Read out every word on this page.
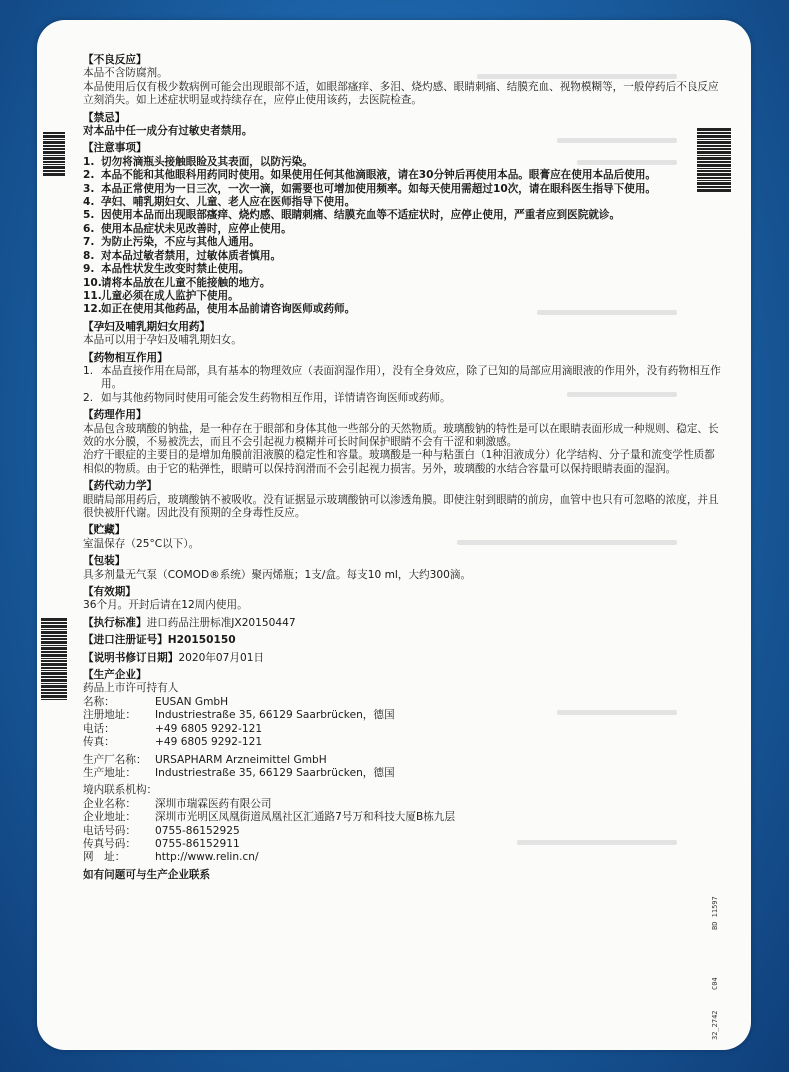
BD 11597
C04
32_2742
【不良反应】

本品不含防腐剂。

本品使用后仅有极少数病例可能会出现眼部不适，如眼部瘙痒、多泪、烧灼感、眼睛刺痛、结膜充血、视物模糊等，一般停药后不良反应立刻消失。如上述症状明显或持续存在，应停止使用该药，去医院检查。

【禁忌】

对本品中任一成分有过敏史者禁用。

【注意事项】
1. 切勿将滴瓶头接触眼睑及其表面，以防污染。
2. 本品不能和其他眼科用药同时使用。如果使用任何其他滴眼液，请在30分钟后再使用本品。眼膏应在使用本品后使用。
3. 本品正常使用为一日三次，一次一滴，如需要也可增加使用频率。如每天使用需超过10次，请在眼科医生指导下使用。
4. 孕妇、哺乳期妇女、儿童、老人应在医师指导下使用。
5. 因使用本品而出现眼部瘙痒、烧灼感、眼睛刺痛、结膜充血等不适症状时，应停止使用，严重者应到医院就诊。
6. 使用本品症状未见改善时，应停止使用。
7. 为防止污染，不应与其他人通用。
8. 对本品过敏者禁用，过敏体质者慎用。
9. 本品性状发生改变时禁止使用。
10. 请将本品放在儿童不能接触的地方。
11. 儿童必须在成人监护下使用。
12. 如正在使用其他药品，使用本品前请咨询医师或药师。
【孕妇及哺乳期妇女用药】

本品可以用于孕妇及哺乳期妇女。

【药物相互作用】
1. 本品直接作用在局部，具有基本的物理效应（表面润湿作用），没有全身效应，除了已知的局部应用滴眼液的作用外，没有药物相互作用。
2. 如与其他药物同时使用可能会发生药物相互作用，详情请咨询医师或药师。
【药理作用】

本品包含玻璃酸的钠盐，是一种存在于眼部和身体其他一些部分的天然物质。玻璃酸钠的特性是可以在眼睛表面形成一种规则、稳定、长效的水分膜，不易被洗去，而且不会引起视力模糊并可长时间保护眼睛不会有干涩和刺激感。

治疗干眼症的主要目的是增加角膜前泪液膜的稳定性和容量。玻璃酸是一种与粘蛋白（1种泪液成分）化学结构、分子量和流变学性质都相似的物质。由于它的粘弹性，眼睛可以保持润滑而不会引起视力损害。另外，玻璃酸的水结合容量可以保持眼睛表面的湿润。

【药代动力学】

眼睛局部用药后，玻璃酸钠不被吸收。没有证据显示玻璃酸钠可以渗透角膜。即使注射到眼睛的前房，血管中也只有可忽略的浓度，并且很快被肝代谢。因此没有预期的全身毒性反应。

【贮藏】

室温保存（25°C以下）。

【包装】

具多剂量无气泵（COMOD®系统）聚丙烯瓶；1支/盒。每支10 ml，大约300滴。

【有效期】

36个月。开封后请在12周内使用。

【执行标准】 进口药品注册标准JX20150447
【进口注册证号】 H20150150
【说明书修订日期】 2020年07月01日
【生产企业】
药品上市许可持有人
名称：	EUSAN GmbH
注册地址：	Industriestraße 35, 66129 Saarbrücken，德国
电话：	+49 6805 9292-121
传真：	+49 6805 9292-121
生产厂名称： URSAPHARM Arzneimittel GmbH
生产地址：	Industriestraße 35, 66129 Saarbrücken，德国
境内联系机构：
企业名称：	深圳市瑞霖医药有限公司
企业地址：	深圳市光明区凤凰街道凤凰社区汇通路7号万和科技大厦B栋九层
电话号码：	0755-86152925
传真号码：	0755-86152911
网　址：	http://www.relin.cn/
如有问题可与生产企业联系
